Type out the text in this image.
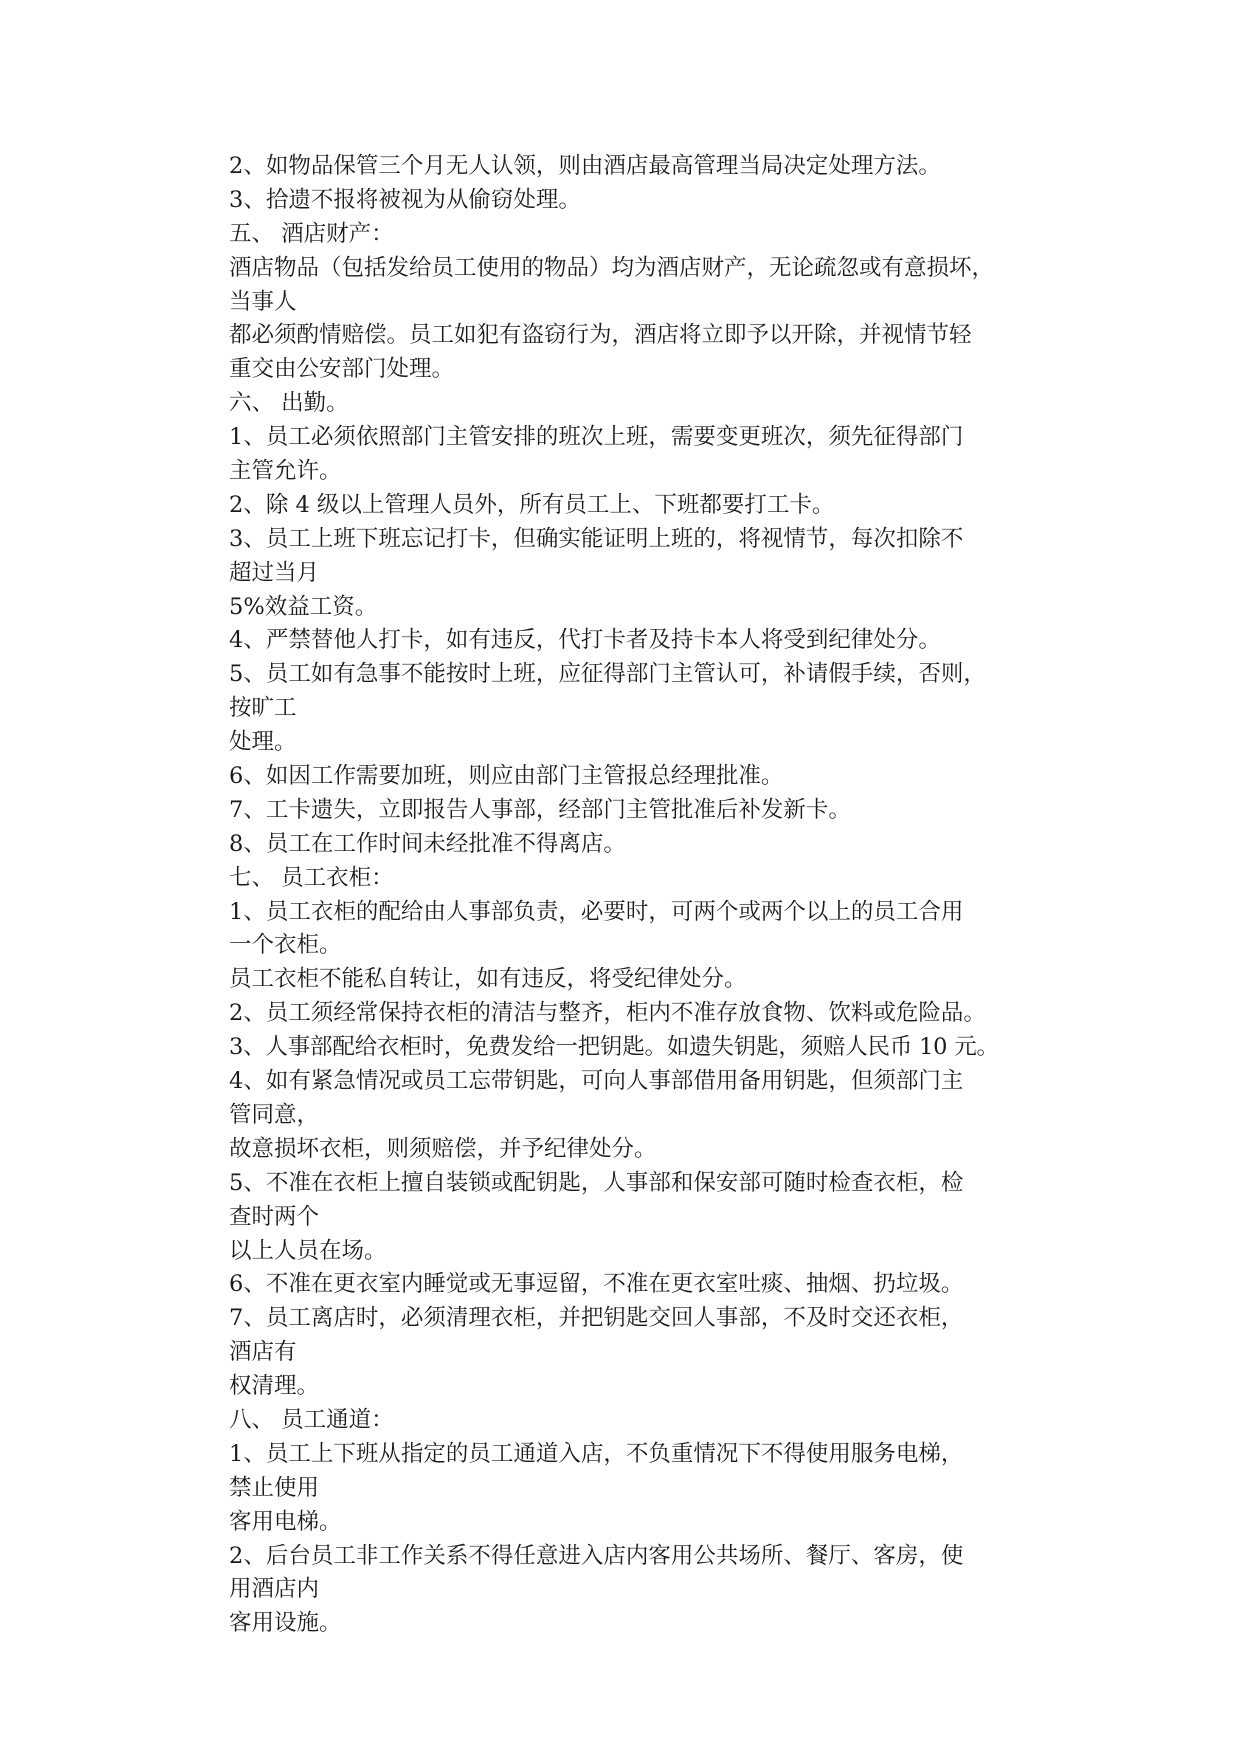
2、如物品保管三个月无人认领，则由酒店最高管理当局决定处理方法。
3、拾遗不报将被视为从偷窃处理。
五、 酒店财产：
酒店物品（包括发给员工使用的物品）均为酒店财产，无论疏忽或有意损坏，
当事人
都必须酌情赔偿。员工如犯有盗窃行为，酒店将立即予以开除，并视情节轻
重交由公安部门处理。
六、 出勤。
1、员工必须依照部门主管安排的班次上班，需要变更班次，须先征得部门
主管允许。
2、除 4 级以上管理人员外，所有员工上、下班都要打工卡。
3、员工上班下班忘记打卡，但确实能证明上班的，将视情节，每次扣除不
超过当月
5%效益工资。
4、严禁替他人打卡，如有违反，代打卡者及持卡本人将受到纪律处分。
5、员工如有急事不能按时上班，应征得部门主管认可，补请假手续，否则，
按旷工
处理。
6、如因工作需要加班，则应由部门主管报总经理批准。
7、工卡遗失，立即报告人事部，经部门主管批准后补发新卡。
8、员工在工作时间未经批准不得离店。
七、 员工衣柜：
1、员工衣柜的配给由人事部负责，必要时，可两个或两个以上的员工合用
一个衣柜。
员工衣柜不能私自转让，如有违反，将受纪律处分。
2、员工须经常保持衣柜的清洁与整齐，柜内不准存放食物、饮料或危险品。
3、人事部配给衣柜时，免费发给一把钥匙。如遗失钥匙，须赔人民币 10 元。
4、如有紧急情况或员工忘带钥匙，可向人事部借用备用钥匙，但须部门主
管同意，
故意损坏衣柜，则须赔偿，并予纪律处分。
5、不准在衣柜上擅自装锁或配钥匙，人事部和保安部可随时检查衣柜，检
查时两个
以上人员在场。
6、不准在更衣室内睡觉或无事逗留，不准在更衣室吐痰、抽烟、扔垃圾。
7、员工离店时，必须清理衣柜，并把钥匙交回人事部，不及时交还衣柜，
酒店有
权清理。
八、 员工通道：
1、员工上下班从指定的员工通道入店，不负重情况下不得使用服务电梯，
禁止使用
客用电梯。
2、后台员工非工作关系不得任意进入店内客用公共场所、餐厅、客房，使
用酒店内
客用设施。
